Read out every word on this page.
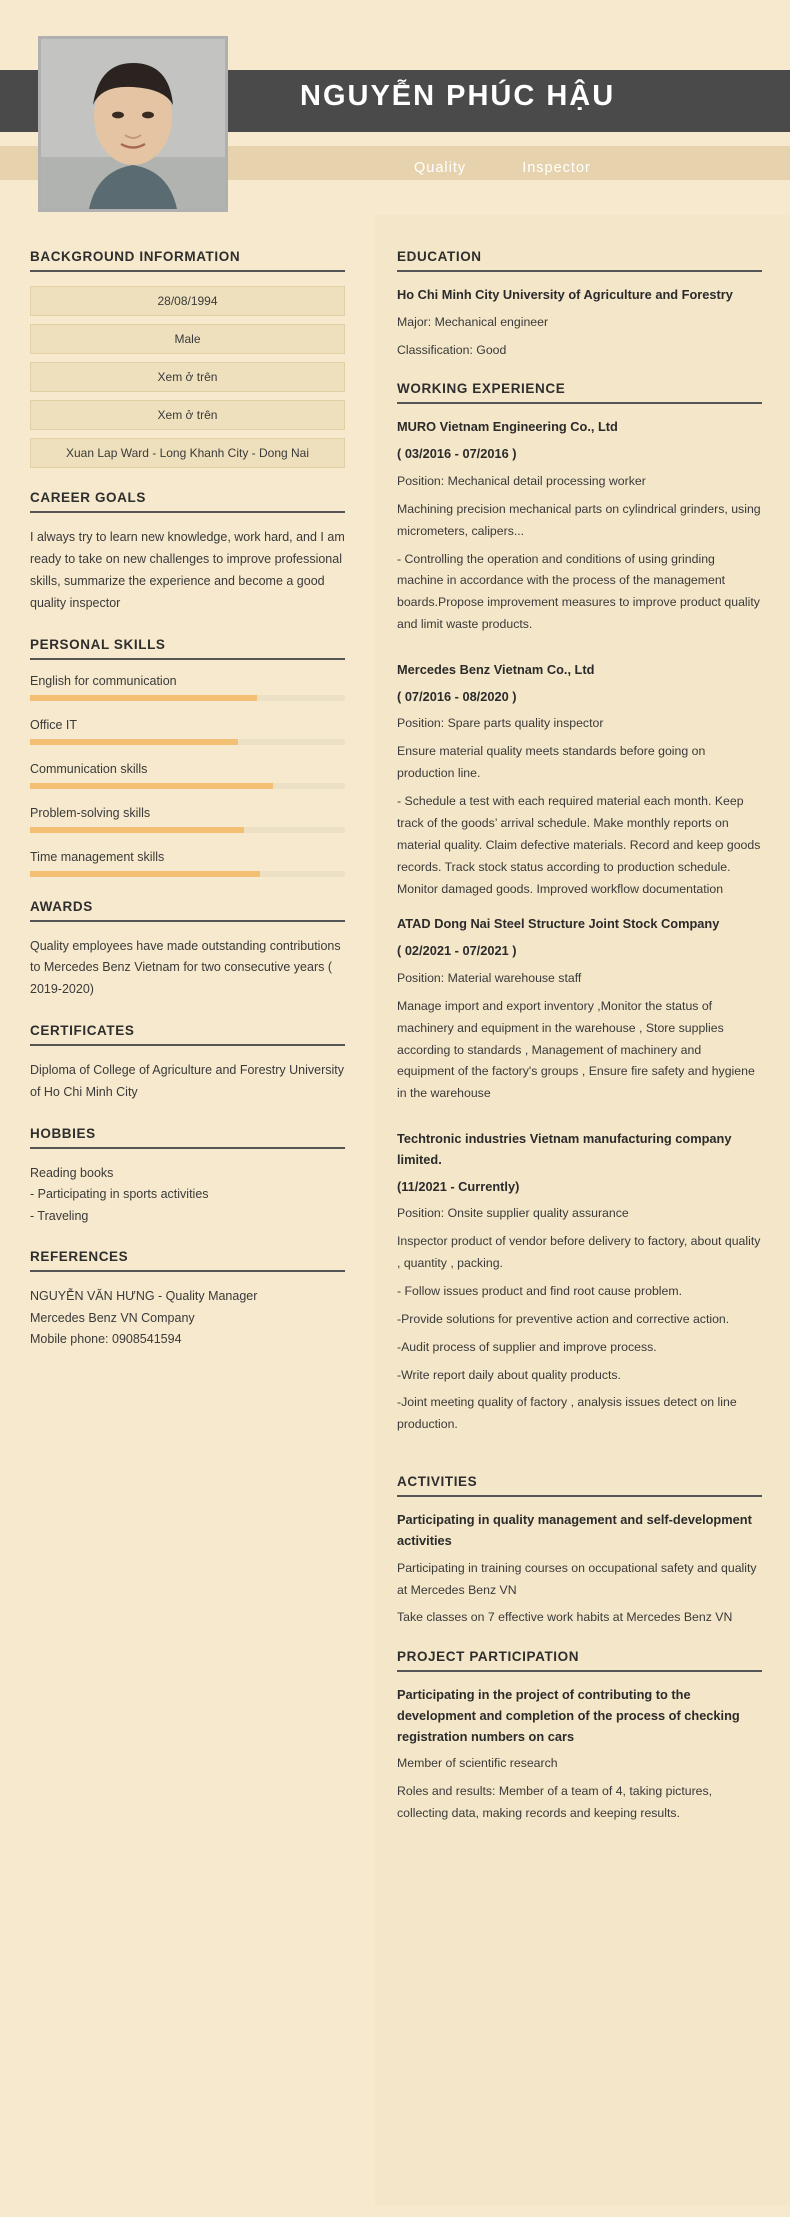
NGUYỄN PHÚC HẬU
Quality	Inspector
BACKGROUND INFORMATION
28/08/1994
Male
Xem ở trên
Xem ở trên
Xuan Lap Ward - Long Khanh City - Dong Nai
CAREER GOALS

I always try to learn new knowledge, work hard, and I am ready to take on new challenges to improve professional skills, summarize the experience and become a good quality inspector

PERSONAL SKILLS
English for communication
Office IT
Communication skills
Problem-solving skills
Time management skills
AWARDS

Quality employees have made outstanding contributions to Mercedes Benz Vietnam for two consecutive years ( 2019-2020)

CERTIFICATES

Diploma of College of Agriculture and Forestry University of Ho Chi Minh City

HOBBIES
Reading books
- Participating in sports activities
- Traveling
REFERENCES
NGUYỄN VĂN HƯNG - Quality Manager
Mercedes Benz VN Company
Mobile phone: 0908541594
EDUCATION
Ho Chi Minh City University of Agriculture and Forestry

Major: Mechanical engineer

Classification: Good

WORKING EXPERIENCE
MURO Vietnam Engineering Co., Ltd
( 03/2016 - 07/2016 )

Position: Mechanical detail processing worker

Machining precision mechanical parts on cylindrical grinders, using micrometers, calipers...

- Controlling the operation and conditions of using grinding machine in accordance with the process of the management boards.Propose improvement measures to improve product quality and limit waste products.

Mercedes Benz Vietnam Co., Ltd
( 07/2016 - 08/2020 )

Position: Spare parts quality inspector

Ensure material quality meets standards before going on production line.

- Schedule a test with each required material each month. Keep track of the goods’ arrival schedule. Make monthly reports on material quality. Claim defective materials. Record and keep goods records. Track stock status according to production schedule. Monitor damaged goods. Improved workflow documentation

ATAD Dong Nai Steel Structure Joint Stock Company
( 02/2021 - 07/2021 )

Position: Material warehouse staff

Manage import and export inventory ,Monitor the status of machinery and equipment in the warehouse , Store supplies according to standards , Management of machinery and equipment of the factory's groups , Ensure fire safety and hygiene in the warehouse

Techtronic industries Vietnam manufacturing company limited.
(11/2021 - Currently)

Position: Onsite supplier quality assurance

Inspector product of vendor before delivery to factory, about quality , quantity , packing.

- Follow issues product and find root cause problem.

-Provide solutions for preventive action and corrective action.

-Audit process of supplier and improve process.

-Write report daily about quality products.

-Joint meeting quality of factory , analysis issues detect on line production.

ACTIVITIES
Participating in quality management and self-development activities

Participating in training courses on occupational safety and quality at Mercedes Benz VN

Take classes on 7 effective work habits at Mercedes Benz VN

PROJECT PARTICIPATION
Participating in the project of contributing to the development and completion of the process of checking registration numbers on cars

Member of scientific research

Roles and results: Member of a team of 4, taking pictures, collecting data, making records and keeping results.
